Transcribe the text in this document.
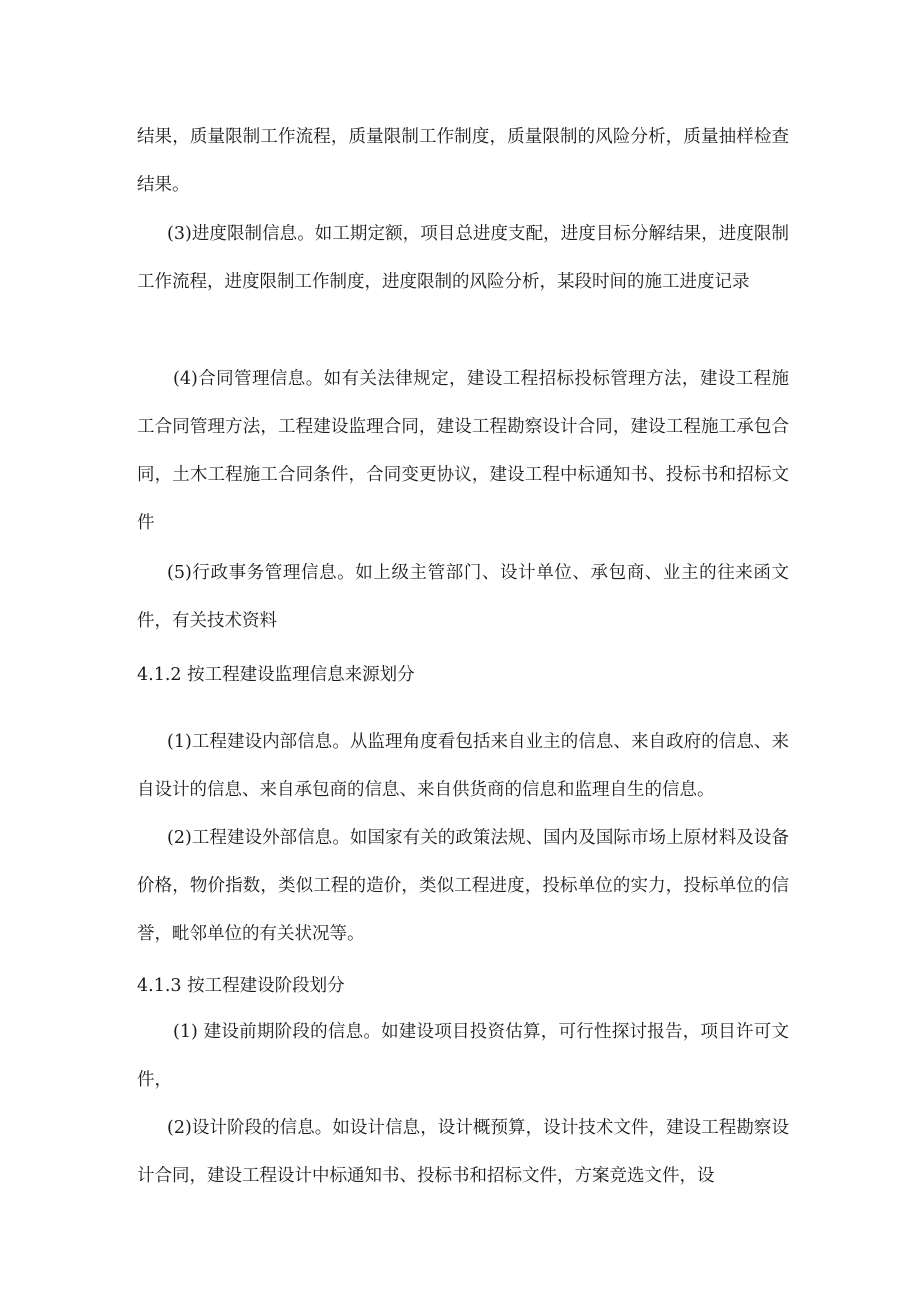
结果，质量限制工作流程，质量限制工作制度，质量限制的风险分析，质量抽样检查结果。

(3)进度限制信息。如工期定额，项目总进度支配，进度目标分解结果，进度限制工作流程，进度限制工作制度，进度限制的风险分析，某段时间的施工进度记录

(4)合同管理信息。如有关法律规定，建设工程招标投标管理方法，建设工程施工合同管理方法，工程建设监理合同，建设工程勘察设计合同，建设工程施工承包合同，土木工程施工合同条件，合同变更协议，建设工程中标通知书、投标书和招标文件

(5)行政事务管理信息。如上级主管部门、设计单位、承包商、业主的往来函文件，有关技术资料

4.1.2 按工程建设监理信息来源划分

(1)工程建设内部信息。从监理角度看包括来自业主的信息、来自政府的信息、来自设计的信息、来自承包商的信息、来自供货商的信息和监理自生的信息。

(2)工程建设外部信息。如国家有关的政策法规、国内及国际市场上原材料及设备价格，物价指数，类似工程的造价，类似工程进度，投标单位的实力，投标单位的信誉，毗邻单位的有关状况等。

4.1.3 按工程建设阶段划分

(1) 建设前期阶段的信息。如建设项目投资估算，可行性探讨报告，项目许可文件，

(2)设计阶段的信息。如设计信息，设计概预算，设计技术文件，建设工程勘察设计合同，建设工程设计中标通知书、投标书和招标文件，方案竞选文件，设
